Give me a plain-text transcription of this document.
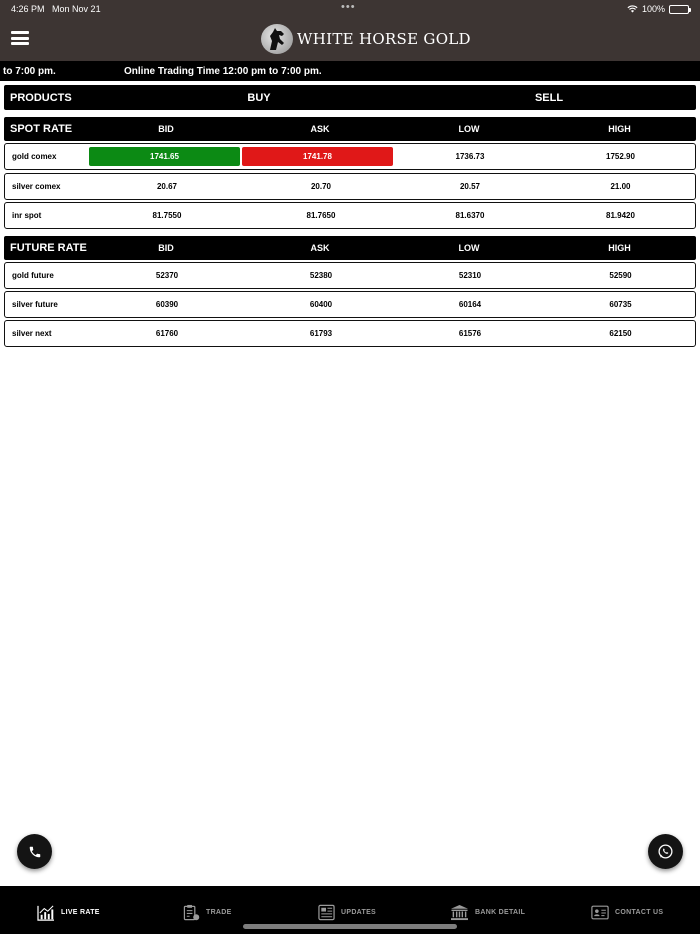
4:26 PM Mon Nov 21	•••	100%
WHITE HORSE GOLD
to 7:00 pm.	Online Trading Time 12:00 pm to 7:00 pm.
PRODUCTS	BUY	SELL
SPOT RATE	BID	ASK	LOW	HIGH
gold comex	1741.65	1741.78	1736.73	1752.90
silver comex	20.67	20.70	20.57	21.00
inr spot	81.7550	81.7650	81.6370	81.9420
FUTURE RATE	BID	ASK	LOW	HIGH
gold future	52370	52380	52310	52590
silver future	60390	60400	60164	60735
silver next	61760	61793	61576	62150
LIVE RATE	TRADE	UPDATES	BANK DETAIL	CONTACT US
